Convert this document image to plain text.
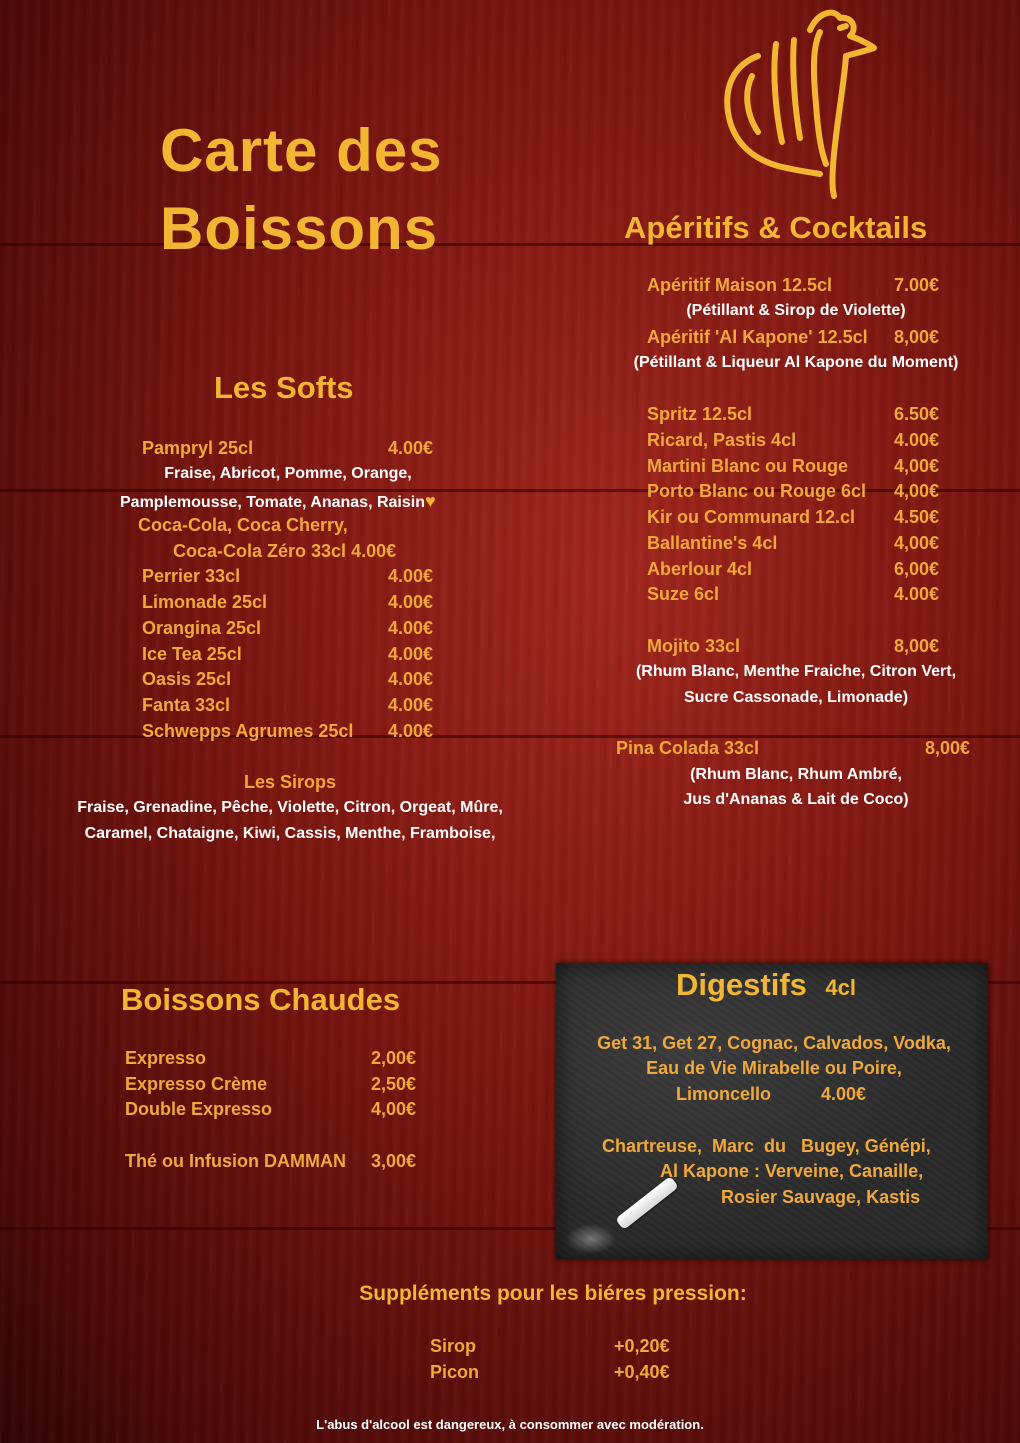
Carte des
Boissons
Les Softs
Pampryl 25cl	4.00€
Fraise, Abricot, Pomme, Orange,
Pamplemousse, Tomate, Ananas, Raisin♥
Coca-Cola, Coca Cherry,
Coca-Cola Zéro 33cl 4.00€
Perrier 33cl	4.00€
Limonade 25cl	4.00€
Orangina 25cl	4.00€
Ice Tea 25cl	4.00€
Oasis 25cl	4.00€
Fanta 33cl	4.00€
Schwepps Agrumes 25cl 4.00€
Les Sirops
Fraise, Grenadine, Pêche, Violette, Citron, Orgeat, Mûre,
Caramel, Chataigne, Kiwi, Cassis, Menthe, Framboise,
Apéritifs & Cocktails
Apéritif Maison 12.5cl	7.00€
(Pétillant & Sirop de Violette)
Apéritif 'Al Kapone' 12.5cl 8,00€
(Pétillant & Liqueur Al Kapone du Moment)
Spritz 12.5cl	6.50€
Ricard, Pastis 4cl	4.00€
Martini Blanc ou Rouge	4,00€
Porto Blanc ou Rouge 6cl 4,00€
Kir ou Communard 12.cl 4.50€
Ballantine's 4cl	4,00€
Aberlour 4cl	6,00€
Suze 6cl	4.00€
Mojito 33cl	8,00€
(Rhum Blanc, Menthe Fraiche, Citron Vert,
Sucre Cassonade, Limonade)
Pina Colada 33cl	8,00€
(Rhum Blanc, Rhum Ambré,
Jus d'Ananas & Lait de Coco)
Boissons Chaudes
Expresso	2,00€
Expresso Crème	2,50€
Double Expresso	4,00€
Thé ou Infusion DAMMAN 3,00€
Digestifs 4cl
Get 31, Get 27, Cognac, Calvados, Vodka,
Eau de Vie Mirabelle ou Poire,
Limoncello	4.00€
Chartreuse,  Marc  du   Bugey, Génépi,
Al Kapone : Verveine, Canaille,
Rosier Sauvage, Kastis
Suppléments pour les biéres pression:
Sirop	+0,20€
Picon	+0,40€
L'abus d'alcool est dangereux, à consommer avec modération.
